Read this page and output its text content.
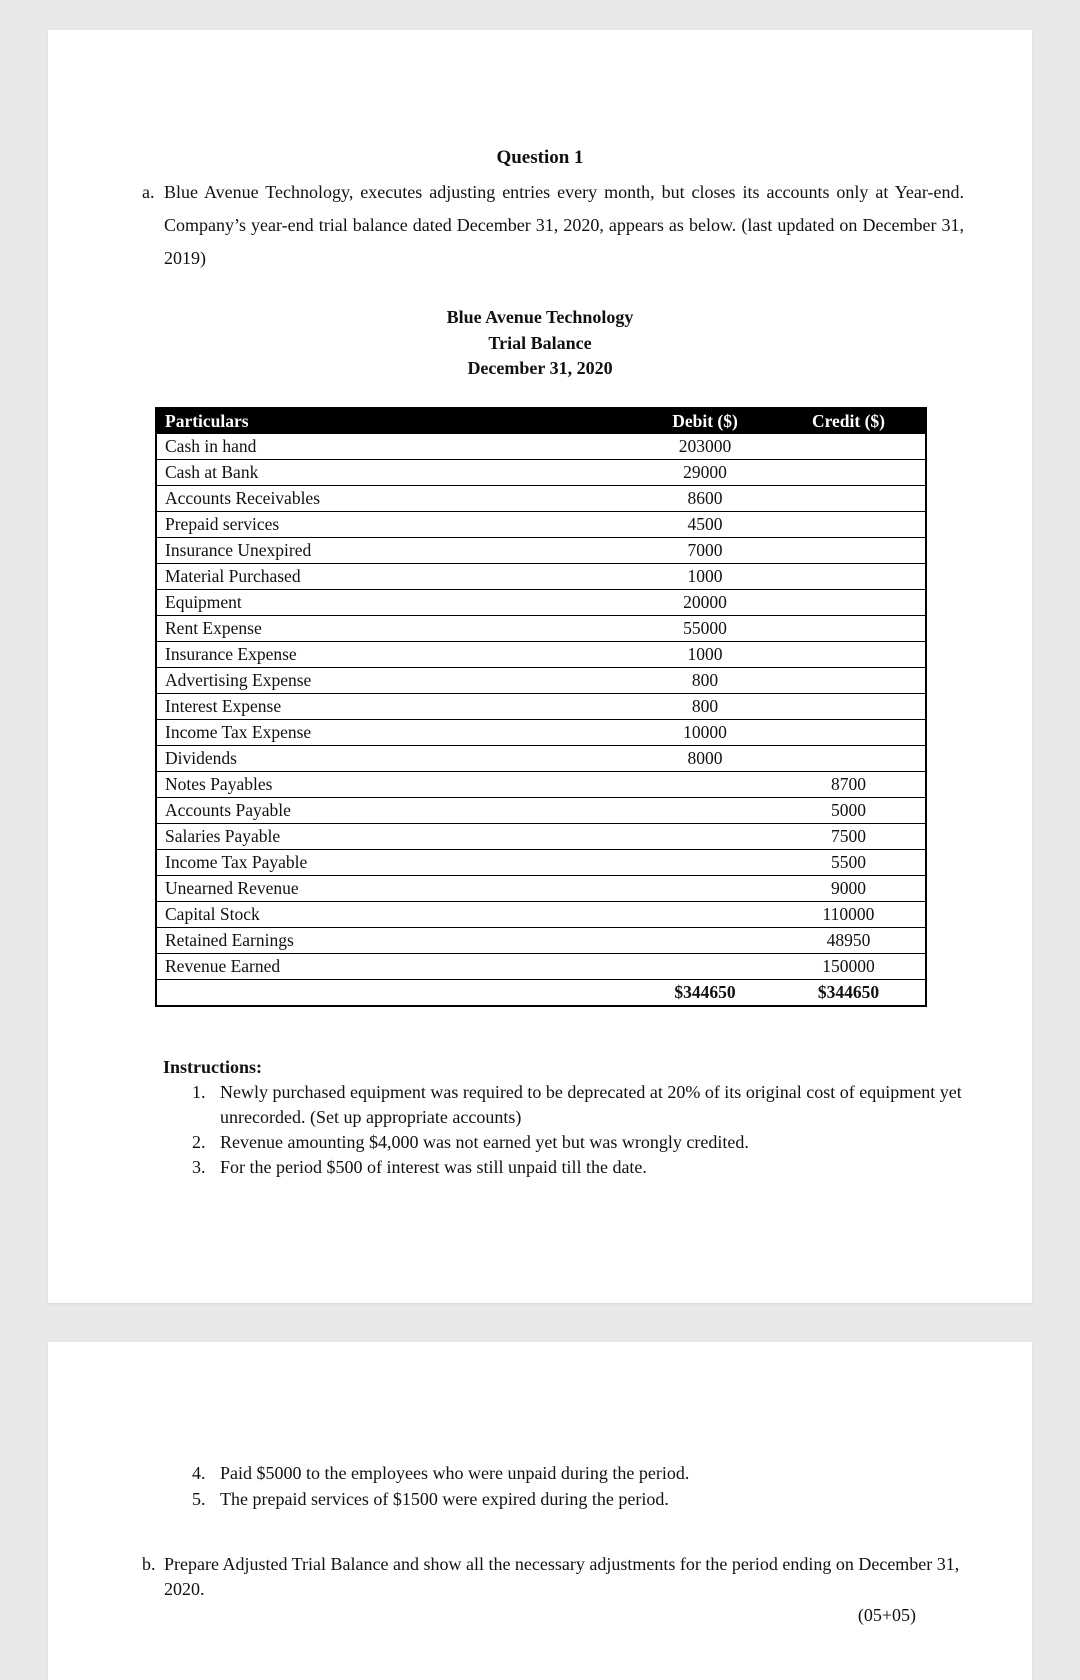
Question 1
a. Blue Avenue Technology, executes adjusting entries every month, but closes its accounts only at Year-end. Company’s year-end trial balance dated December 31, 2020, appears as below. (last updated on December 31, 2019)
Blue Avenue Technology
Trial Balance
December 31, 2020
Particulars	Debit ($)	Credit ($)
Cash in hand	203000	
Cash at Bank	29000	
Accounts Receivables	8600	
Prepaid services	4500	
Insurance Unexpired	7000	
Material Purchased	1000	
Equipment	20000	
Rent Expense	55000	
Insurance Expense	1000	
Advertising Expense	800	
Interest Expense	800	
Income Tax Expense	10000	
Dividends	8000	
Notes Payables		8700
Accounts Payable		5000
Salaries Payable		7500
Income Tax Payable		5500
Unearned Revenue		9000
Capital Stock		110000
Retained Earnings		48950
Revenue Earned		150000
	$344650	$344650
Instructions:
1. Newly purchased equipment was required to be deprecated at 20% of its original cost of equipment yet unrecorded. (Set up appropriate accounts)
2. Revenue amounting $4,000 was not earned yet but was wrongly credited.
3. For the period $500 of interest was still unpaid till the date.
4. Paid $5000 to the employees who were unpaid during the period.
5. The prepaid services of $1500 were expired during the period.
b. Prepare Adjusted Trial Balance and show all the necessary adjustments for the period ending on December 31, 2020.
(05+05)
